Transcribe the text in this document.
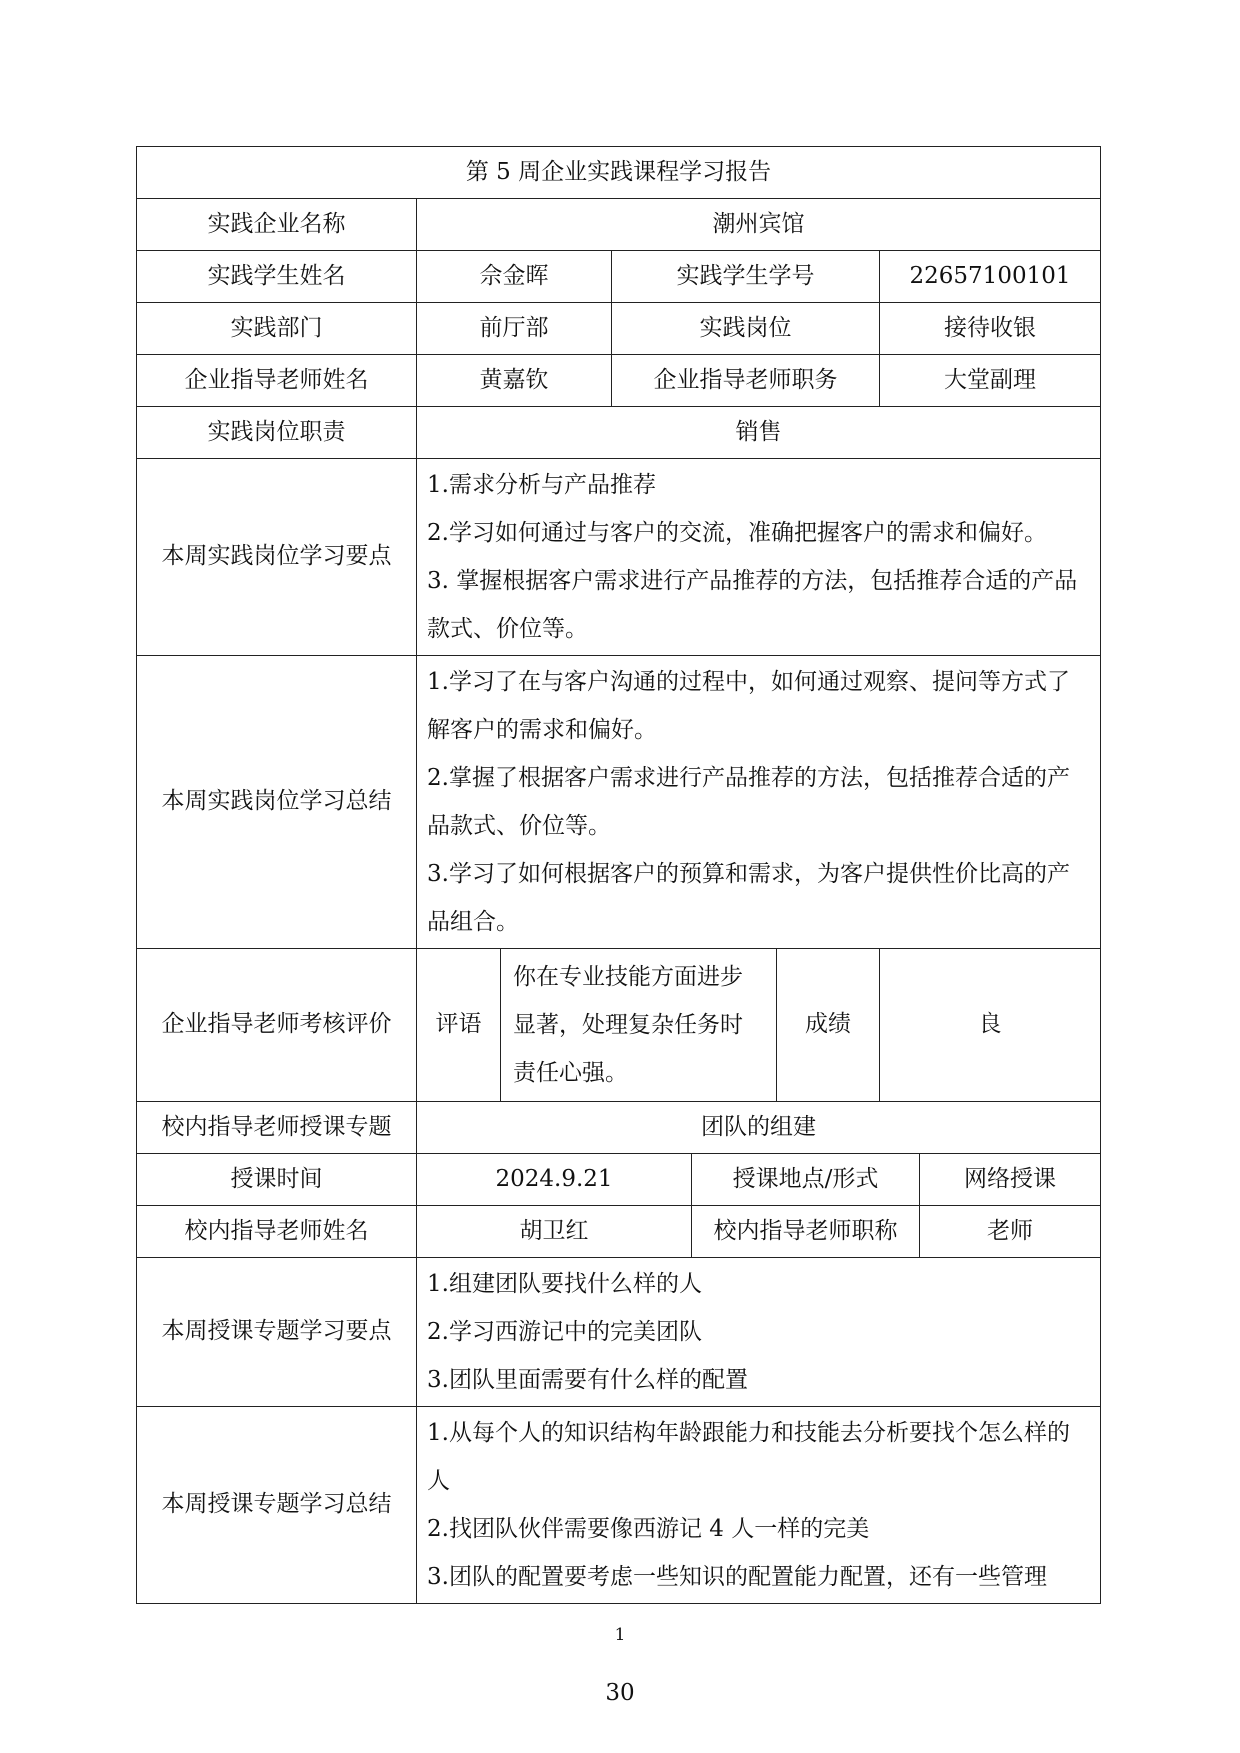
第 5 周企业实践课程学习报告							
实践企业名称	潮州宾馆						
实践学生姓名	佘金晖		实践学生学号			22657100101	
实践部门	前厅部		实践岗位			接待收银	
企业指导老师姓名	黄嘉钦		企业指导老师职务			大堂副理	
实践岗位职责	销售						
本周实践岗位学习要点	1.需求分析与产品推荐
2.学习如何通过与客户的交流，准确把握客户的需求和偏好。
3. 掌握根据客户需求进行产品推荐的方法，包括推荐合适的产品款式、价位等。						

本周实践岗位学习总结	1.学习了在与客户沟通的过程中，如何通过观察、提问等方式了解客户的需求和偏好。
2.掌握了根据客户需求进行产品推荐的方法，包括推荐合适的产品款式、价位等。
3.学习了如何根据客户的预算和需求，为客户提供性价比高的产品组合。						

企业指导老师考核评价	评语	你在专业技能方面进步显著，处理复杂任务时责任心强。			成绩	良	
校内指导老师授课专题	团队的组建						
授课时间	2024.9.21			授课地点/形式			网络授课
校内指导老师姓名	胡卫红			校内指导老师职称			老师
本周授课专题学习要点	1.组建团队要找什么样的人
2.学习西游记中的完美团队
3.团队里面需要有什么样的配置						

本周授课专题学习总结	1.从每个人的知识结构年龄跟能力和技能去分析要找个怎么样的人
2.找团队伙伴需要像西游记 4 人一样的完美
3.团队的配置要考虑一些知识的配置能力配置，还有一些管理						
1
30
